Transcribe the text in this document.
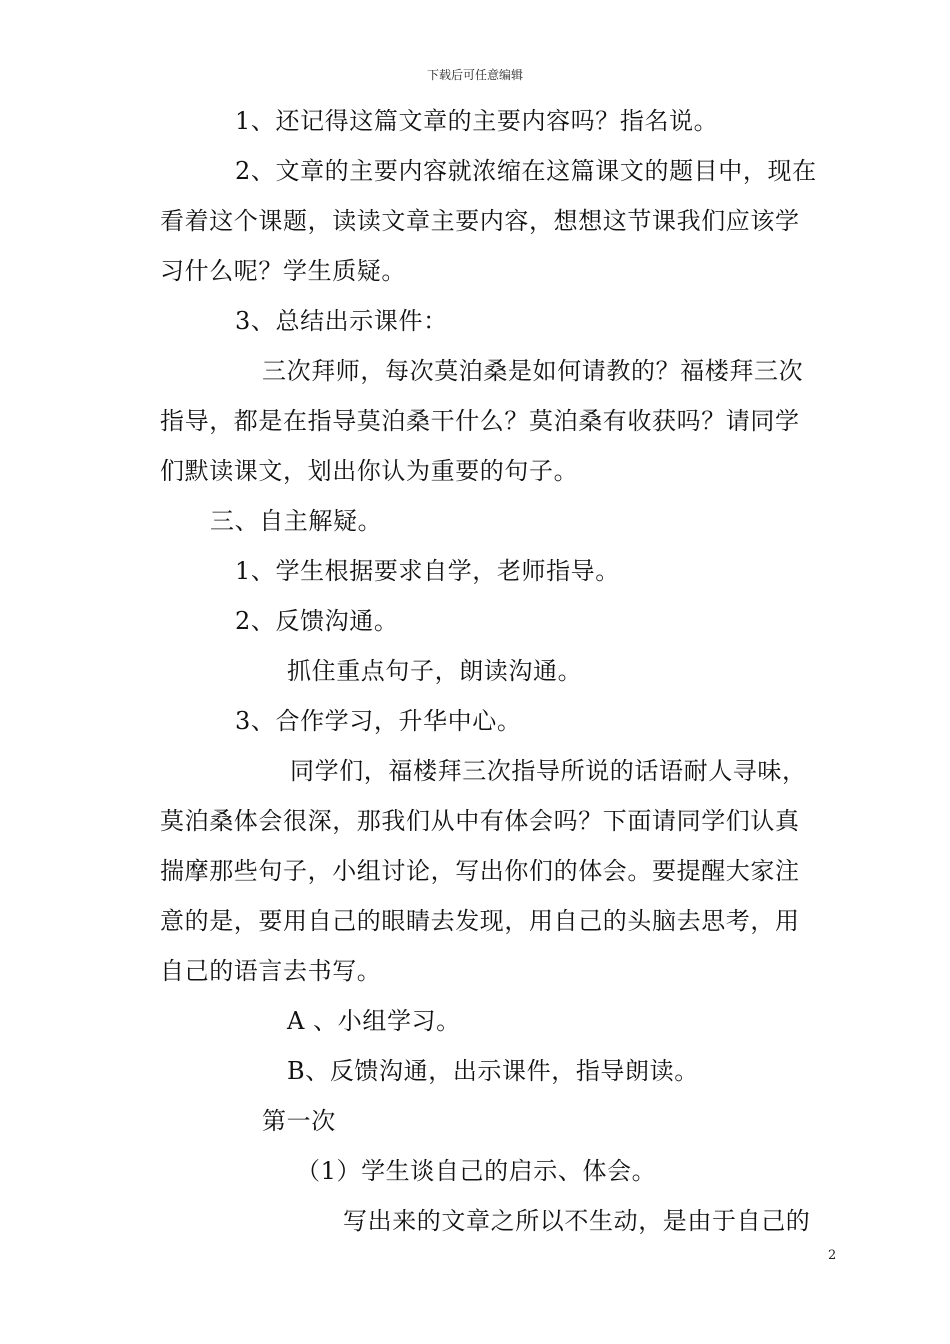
下载后可任意编辑
1、还记得这篇文章的主要内容吗？指名说。
2、文章的主要内容就浓缩在这篇课文的题目中，现在
看着这个课题，读读文章主要内容，想想这节课我们应该学
习什么呢？学生质疑。
3、总结出示课件：
三次拜师，每次莫泊桑是如何请教的？福楼拜三次
指导，都是在指导莫泊桑干什么？莫泊桑有收获吗？请同学
们默读课文，划出你认为重要的句子。
三、自主解疑。
1、学生根据要求自学，老师指导。
2、反馈沟通。
抓住重点句子，朗读沟通。
3、合作学习，升华中心。
同学们，福楼拜三次指导所说的话语耐人寻味，
莫泊桑体会很深，那我们从中有体会吗？下面请同学们认真
揣摩那些句子，小组讨论，写出你们的体会。要提醒大家注
意的是，要用自己的眼睛去发现，用自己的头脑去思考，用
自己的语言去书写。
A 、小组学习。
B、反馈沟通，出示课件，指导朗读。
第一次
（1）学生谈自己的启示、体会。
写出来的文章之所以不生动，是由于自己的
2
